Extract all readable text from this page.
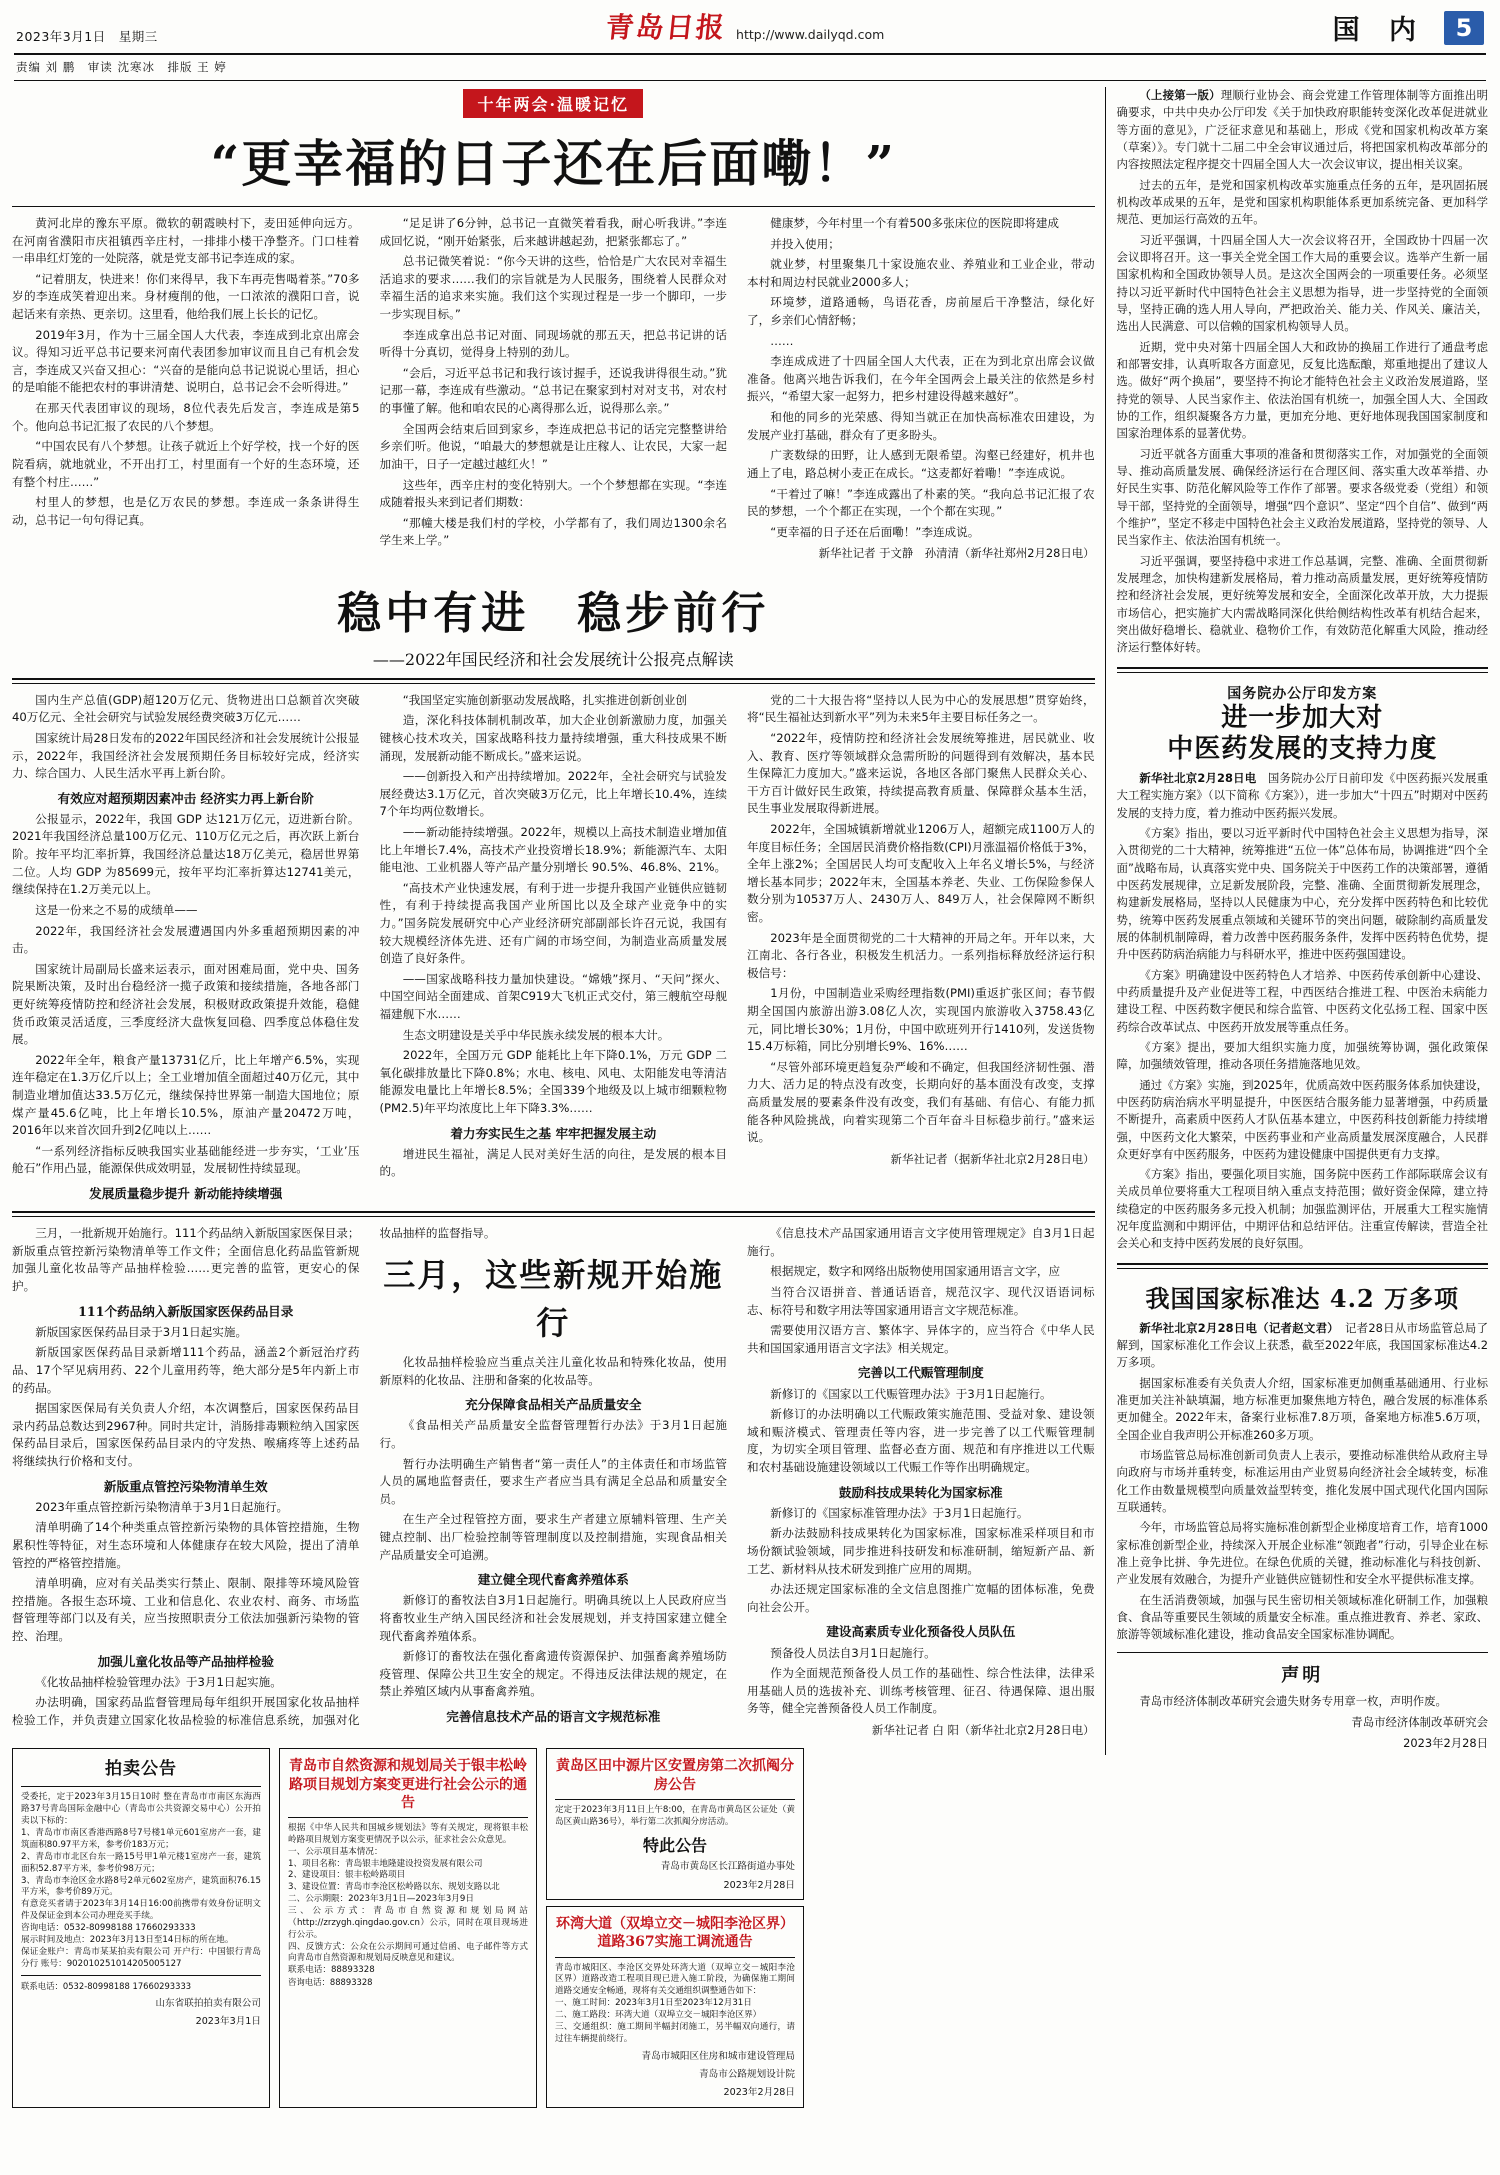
2023年3月1日　星期三	青岛日报 http://www.dailyqd.com	国 内	5
责编 刘 鹏　审读 沈寒冰　排版 王 婷
十年两会·温暖记忆
“更幸福的日子还在后面嘞！”

黄河北岸的豫东平原。微软的朝霞映村下，麦田延伸向远方。在河南省濮阳市庆祖镇西辛庄村，一排排小楼干净整齐。门口桂着一串串红灯笼的一处院落，就是党支部书记李连成的家。

“记着朋友，快进来！你们来得早，我下车再売售喝着茶。”70多岁的李连成笑着迎出来。身材瘦削的他，一口浓浓的濮阳口音，说起话来有亲热、更亲切。这里看，他给我们展上长长的记忆。

2019年3月，作为十三届全国人大代表，李连成到北京出席会议。得知习近平总书记要来河南代表团参加审议而且自己有机会发言，李连成又兴奋又担心：“兴奋的是能向总书记说说心里话，担心的是咱能不能把农村的事讲清楚、说明白，总书记会不会听得进。”

在那天代表团审议的现场，8位代表先后发言，李连成是第5个。他向总书记汇报了农民的八个梦想。

“中国农民有八个梦想。让孩子就近上个好学校，找一个好的医院看病，就地就业，不开出打工，村里面有一个好的生态环境，还有整个村庄……”

村里人的梦想，也是亿万农民的梦想。李连成一条条讲得生动，总书记一句句得记真。

“足足讲了6分钟，总书记一直微笑着看我，耐心听我讲。”李连成回忆说，“刚开始紧张，后来越讲越起劲，把紧张都忘了。”

总书记微笑着说：“你今天讲的这些，恰恰是广大农民对幸福生活追求的要求……我们的宗旨就是为人民服务，围绕着人民群众对幸福生活的追求来实施。我们这个实现过程是一步一个脚印，一步一步实现目标。”

李连成拿出总书记对面、同现场就的那五天，把总书记讲的话听得十分真切，觉得身上特别的劲儿。

“会后，习近平总书记和我行该讨握手，还说我讲得很生动。”犹记那一幕，李连成有些激动。“总书记在聚家到村对对支书，对农村的事懂了解。他和咱农民的心离得那么近，说得那么亲。”

全国两会结束后回到家乡，李连成把总书记的话完完整整讲给乡亲们听。他说，“咱最大的梦想就是让庄稼人、让农民，大家一起加油干，日子一定越过越红火！”

这些年，西辛庄村的变化特别大。一个个梦想都在实现。“李连成随着报头来到记者们期数：

“那幢大楼是我们村的学校，小学都有了，我们周边1300余名学生来上学。”

健康梦，今年村里一个有着500多张床位的医院即将建成

并投入使用；

就业梦，村里聚集几十家设施农业、养殖业和工业企业，带动本村和周边村民就业2000多人；

环境梦，道路通畅，鸟语花香，房前屋后干净整洁，绿化好了，乡亲们心情舒畅；

……

李连成成进了十四届全国人大代表，正在为到北京出席会议做准备。他离兴地告诉我们，在今年全国两会上最关注的依然是乡村振兴，“希望大家一起努力，把乡村建设得越来越好”。

和他的同乡的光荣感、得知当就正在加快高标准农田建设，为发展产业打基础，群众有了更多盼头。

广袤数绿的田野，让人感到无限希望。沟壑已经建好，机井也通上了电，路总树小麦正在成长。“这麦都好着嘞！”李连成说。

“干着过了嘛！”李连成露出了朴素的笑。“我向总书记汇报了农民的梦想，一个个都正在实现，一个个都在实现。”

“更幸福的日子还在后面嘞！”李连成说。

新华社记者 于文静　孙清清（新华社郑州2月28日电）
稳中有进　稳步前行
——2022年国民经济和社会发展统计公报亮点解读

国内生产总值(GDP)超120万亿元、货物进出口总额首次突破40万亿元、全社会研究与试验发展经费突破3万亿元……

国家统计局28日发布的2022年国民经济和社会发展统计公报显示，2022年，我国经济社会发展预期任务目标较好完成，经济实力、综合国力、人民生活水平再上新台阶。

有效应对超预期因素冲击 经济实力再上新台阶

公报显示，2022年，我国 GDP 达121万亿元，迈进新台阶。2021年我国经济总量100万亿元、110万亿元之后，再次跃上新台阶。按年平均汇率折算，我国经济总量达18万亿美元，稳居世界第二位。人均 GDP 为85699元，按年平均汇率折算达12741美元，继续保持在1.2万美元以上。

这是一份来之不易的成绩单——

2022年，我国经济社会发展遭遇国内外多重超预期因素的冲击。

国家统计局副局长盛来运表示，面对困难局面，党中央、国务院果断决策，及时出台稳经济一揽子政策和接续措施，各地各部门更好统筹疫情防控和经济社会发展，积极财政政策提升效能，稳健货币政策灵活适度，三季度经济大盘恢复回稳、四季度总体稳住发展。

2022年全年，粮食产量13731亿斤，比上年增产6.5%，实现连年稳定在1.3万亿斤以上；全工业增加值全面超过40万亿元，其中制造业增加值达33.5万亿元，继续保持世界第一制造大国地位；原煤产量45.6亿吨，比上年增长10.5%，原油产量20472万吨，2016年以来首次回升到2亿吨以上……

“一系列经济指标反映我国实业基础能经进一步夯实，‘工业’压舱石”作用凸显，能源保供成效明显，发展韧性持续显现。

发展质量稳步提升 新动能持续增强

“我国坚定实施创新驱动发展战略，扎实推进创新创业创

造，深化科技体制机制改革，加大企业创新激励力度，加强关键核心技术攻关，国家战略科技力量持续增强，重大科技成果不断涌现，发展新动能不断成长。”盛来运说。

——创新投入和产出持续增加。2022年，全社会研究与试验发展经费达3.1万亿元，首次突破3万亿元，比上年增长10.4%，连续7个年均两位数增长。

——新动能持续增强。2022年，规模以上高技术制造业增加值比上年增长7.4%，高技术产业投资增长18.9%；新能源汽车、太阳能电池、工业机器人等产品产量分别增长 90.5%、46.8%、21%。

“高技术产业快速发展，有利于进一步提升我国产业链供应链韧性，有利于持续提高我国产业所国比以及全球产业竞争中的实力。”国务院发展研究中心产业经济研究部副部长许召元说，我国有较大规模经济体先进、还有广阔的市场空间，为制造业高质量发展创造了良好条件。

——国家战略科技力量加快建设。“嫦娥”探月、“天问”探火、中国空间站全面建成、首架C919大飞机正式交付，第三艘航空母舰福建舰下水……

生态文明建设是关乎中华民族永续发展的根本大计。

2022年，全国万元 GDP 能耗比上年下降0.1%，万元 GDP 二氧化碳排放量比下降0.8%；水电、核电、风电、太阳能发电等清洁能源发电量比上年增长8.5%；全国339个地级及以上城市细颗粒物(PM2.5)年平均浓度比上年下降3.3%……

着力夯实民生之基 牢牢把握发展主动

增进民生福祉，满足人民对美好生活的向往，是发展的根本目的。

党的二十大报告将“坚持以人民为中心的发展思想”贯穿始终，将“民生福祉达到新水平”列为未来5年主要目标任务之一。

“2022年，疫情防控和经济社会发展统筹推进，居民就业、收入、教育、医疗等领域群众急需所盼的问题得到有效解决，基本民生保障汇力度加大。”盛来运说，各地区各部门聚焦人民群众关心、干方百计做好民生政策，持续提高教育质量、保障群众基本生活，民生事业发展取得新进展。

2022年，全国城镇新增就业1206万人，超额完成1100万人的年度目标任务；全国居民消费价格指数(CPI)月涨温福价格低于3%，全年上涨2%；全国居民人均可支配收入上年名义增长5%，与经济增长基本同步；2022年末，全国基本养老、失业、工伤保险参保人数分别为10537万人、2430万人、849万人，社会保障网不断织密。

2023年是全面贯彻党的二十大精神的开局之年。开年以来，大江南北、各行各业，积极发生机活力。一系列指标释放经济运行积极信号：

1月份，中国制造业采购经理指数(PMI)重返扩张区间；春节假期全国国内旅游出游3.08亿人次，实现国内旅游收入3758.43亿元，同比增长30%；1月份，中国中欧班列开行1410列，发送货物15.4万标箱，同比分别增长9%、16%……

“尽管外部环境更趋复杂严峻和不确定，但我国经济韧性强、潜力大、活力足的特点没有改变，长期向好的基本面没有改变，支撑高质量发展的要素条件没有改变，我们有基础、有信心、有能力抓能各种风险挑战，向着实现第二个百年奋斗目标稳步前行。”盛来运说。

新华社记者（据新华社北京2月28日电）

三月，一批新规开始施行。111个药品纳入新版国家医保目录；新版重点管控新污染物清单等工作文件；全面信息化药品监管新规加强儿童化妆品等产品抽样检验……更完善的监管，更安心的保护。

111个药品纳入新版国家医保药品目录

新版国家医保药品目录于3月1日起实施。

新版国家医保药品目录新增111个药品，涵盖2个新冠治疗药品、17个罕见病用药、22个儿童用药等，绝大部分是5年内新上市的药品。

据国家医保局有关负责人介绍，本次调整后，国家医保药品目录内药品总数达到2967种。同时共定计，消肠排毒颗粒纳入国家医保药品目录后，国家医保药品目录内的守发热、喉痛疼等上述药品将继续执行价格和支付。

新版重点管控污染物清单生效

2023年重点管控新污染物清单于3月1日起施行。

清单明确了14个种类重点管控新污染物的具体管控措施，生物累积性等特征，对生态环境和人体健康存在较大风险，提出了清单管控的严格管控措施。

清单明确，应对有关品类实行禁止、限制、限排等环境风险管控措施。各报生态环境、工业和信息化、农业农村、商务、市场监督管理等部门以及有关，应当按照职责分工依法加强新污染物的管控、治理。

加强儿童化妆品等产品抽样检验

《化妆品抽样检验管理办法》于3月1日起实施。

办法明确，国家药品监督管理局每年组织开展国家化妆品抽样检验工作，并负责建立国家化妆品检验的标准信息系统，加强对化妆品抽样的监督指导。

三月，这些新规开始施行

化妆品抽样检验应当重点关注儿童化妆品和特殊化妆品，使用新原料的化妆品、注册和备案的化妆品等。

充分保障食品相关产品质量安全

《食品相关产品质量安全监督管理暂行办法》于3月1日起施行。

暂行办法明确生产销售者“第一责任人”的主体责任和市场监管人员的属地监督责任，要求生产者应当具有满足全总品和质量安全员。

在生产全过程管控方面，要求生产者建立原辅料管理、生产关键点控制、出厂检验控制等管理制度以及控制措施，实现食品相关产品质量安全可追溯。

建立健全现代畜禽养殖体系

新修订的畜牧法自3月1日起施行。明确具统以上人民政府应当将畜牧业生产纳入国民经济和社会发展规划，并支持国家建立健全现代畜禽养殖体系。

新修订的畜牧法在强化畜禽遗传资源保护、加强畜禽养殖场防疫管理、保障公共卫生安全的规定。不得违反法律法规的规定，在禁止养殖区域内从事畜禽养殖。

完善信息技术产品的语言文字规范标准

《信息技术产品国家通用语言文字使用管理规定》自3月1日起施行。

根据规定，数字和网络出版物使用国家通用语言文字，应

当符合汉语拼音、普通话语音，规范汉字、现代汉语语词标志、标符号和数字用法等国家通用语言文字规范标准。

需要使用汉语方言、繁体字、异体字的，应当符合《中华人民共和国国家通用语言文字法》相关规定。

完善以工代赈管理制度

新修订的《国家以工代赈管理办法》于3月1日起施行。

新修订的办法明确以工代赈政策实施范围、受益对象、建设领域和赈济模式、管理责任等内容，进一步完善了以工代赈管理制度，为切实全项目管理、监督必查方面、规范和有序推进以工代赈和农村基础设施建设领域以工代赈工作等作出明确规定。

鼓励科技成果转化为国家标准

新修订的《国家标准管理办法》于3月1日起施行。

新办法鼓励科技成果转化为国家标准，国家标准采样项目和市场份额试验领域，同步推进科技研发和标准研制，缩短新产品、新工艺、新材料从技术研发到推广应用的周期。

办法还规定国家标准的全文信息图推广宽幅的团体标准，免费向社会公开。

建设高素质专业化预备役人员队伍

预备役人员法自3月1日起施行。

作为全面规范预备役人员工作的基础性、综合性法律，法律采用基础人员的选拔补充、训练考核管理、征召、待遇保障、退出服务等，健全完善预备役人员工作制度。

新华社记者 白 阳（新华社北京2月28日电）
拍卖公告
受委托，定于2023年3月15日10时 整在青岛市市南区东海西路37号青岛国际金融中心（青岛市公共资源交易中心）公开拍卖以下标的：
1、青岛市市南区香港西路8号7号楼1单元601室房产一套，建筑面积80.97平方米，参考价183万元；
2、青岛市市北区台东一路15号甲1单元楼1室房产一套，建筑面积52.87平方米，参考价98万元；
3、青岛市李沧区金水路8号2单元602室房产，建筑面积76.15平方米，参考价89万元。
有意竞买者请于2023年3月14日16:00前携带有效身份证明文件及保证金到本公司办理竞买手续。
咨询电话：0532-80998188 17660293333
展示时间及地点：2023年3月13日至14日标的所在地。
保证金账户：青岛市某某拍卖有限公司 开户行：中国银行青岛分行 账号：902010251014205005127
联系电话：0532-80998188 17660293333
山东省联拍拍卖有限公司
2023年3月1日
青岛市自然资源和规划局关于银丰松岭路项目规划方案变更进行社会公示的通告
根据《中华人民共和国城乡规划法》等有关规定，现将银丰松岭路项目规划方案变更情况予以公示，征求社会公众意见。
一、公示项目基本情况：
1、项目名称：青岛银丰地隆建设投资发展有限公司
2、建设项目：银丰松岭路项目
3、建设位置：青岛市李沧区松岭路以东、规划支路以北
二、公示期限：2023年3月1日—2023年3月9日
三、公示方式：青岛市自然资源和规划局网站（http://zrzygh.qingdao.gov.cn）公示，同时在项目现场进行公示。
四、反馈方式：公众在公示期间可通过信函、电子邮件等方式向青岛市自然资源和规划局反映意见和建议。
联系电话：88893328
咨询电话：88893328
黄岛区田中源片区安置房第二次抓阄分房公告
定定于2023年3月11日上午8:00，在青岛市黄岛区公证处（黄岛区黄山路36号），举行第二次抓阄分房活动。
特此公告
青岛市黄岛区长江路街道办事处
2023年2月28日
环湾大道（双埠立交－城阳李沧区界）道路367实施工调流通告
青岛市城阳区、李沧区交界处环湾大道（双埠立交－城阳李沧区界）道路改造工程项目现已进入施工阶段，为确保施工期间道路交通安全畅通，现将有关交通组织调整通告如下：
一、施工时间：2023年3月1日至2023年12月31日
二、施工路段：环湾大道（双埠立交－城阳李沧区界）
三、交通组织：施工期间半幅封闭施工，另半幅双向通行，请过往车辆提前绕行。
青岛市城阳区住房和城市建设管理局
青岛市公路规划设计院
2023年2月28日

（上接第一版）理顺行业协会、商会党建工作管理体制等方面推出明确要求，中共中央办公厅印发《关于加快政府职能转变深化改革促进就业等方面的意见》，广泛征求意见和基础上，形成《党和国家机构改革方案（草案）》。专门就十二届二中全会审议通过后，将把国家机构改革部分的内容按照法定程序提交十四届全国人大一次会议审议，提出相关议案。

过去的五年，是党和国家机构改革实施重点任务的五年，是巩固拓展机构改革成果的五年，是党和国家机构职能体系更加系统完备、更加科学规范、更加运行高效的五年。

习近平强调，十四届全国人大一次会议将召开，全国政协十四届一次会议即将召开。这一事关全党全国工作大局的重要会议。选举产生新一届国家机构和全国政协领导人员。是这次全国两会的一项重要任务。必须坚持以习近平新时代中国特色社会主义思想为指导，进一步坚持党的全面领导，坚持正确的选人用人导向，严把政治关、能力关、作风关、廉洁关，选出人民满意、可以信赖的国家机构领导人员。

近期，党中央对第十四届全国人大和政协的换届工作进行了通盘考虑和部署安排，认真听取各方面意见，反复比选酝酿，郑重地提出了建议人选。做好“两个换届”，要坚持不拘论才能特色社会主义政治发展道路，坚持党的领导、人民当家作主、依法治国有机统一，加强全国人大、全国政协的工作，组织凝聚各方力量，更加充分地、更好地体现我国国家制度和国家治理体系的显著优势。

习近平就各方面重大事项的准备和贯彻落实工作，对加强党的全面领导、推动高质量发展、确保经济运行在合理区间、落实重大改革举措、办好民生实事、防范化解风险等工作作了部署。要求各级党委（党组）和领导干部，坚持党的全面领导，增强“四个意识”、坚定“四个自信”、做到“两个维护”，坚定不移走中国特色社会主义政治发展道路，坚持党的领导、人民当家作主、依法治国有机统一。

习近平强调，要坚持稳中求进工作总基调，完整、准确、全面贯彻新发展理念，加快构建新发展格局，着力推动高质量发展，更好统筹疫情防控和经济社会发展，更好统筹发展和安全，全面深化改革开放，大力提振市场信心，把实施扩大内需战略同深化供给侧结构性改革有机结合起来，突出做好稳增长、稳就业、稳物价工作，有效防范化解重大风险，推动经济运行整体好转。

国务院办公厅印发方案
进一步加大对
中医药发展的支持力度

新华社北京2月28日电　 国务院办公厅日前印发《中医药振兴发展重大工程实施方案》（以下简称《方案》），进一步加大“十四五”时期对中医药发展的支持力度，着力推动中医药振兴发展。

《方案》指出，要以习近平新时代中国特色社会主义思想为指导，深入贯彻党的二十大精神，统筹推进“五位一体”总体布局，协调推进“四个全面”战略布局，认真落实党中央、国务院关于中医药工作的决策部署，遵循中医药发展规律，立足新发展阶段，完整、准确、全面贯彻新发展理念，构建新发展格局，坚持以人民健康为中心，充分发挥中医药特色和比较优势，统筹中医药发展重点领域和关键环节的突出问题，破除制约高质量发展的体制机制障碍，着力改善中医药服务条件，发挥中医药特色优势，提升中医药防病治病能力与科研水平，推进中医药强国建设。

《方案》明确建设中医药特色人才培养、中医药传承创新中心建设、中药质量提升及产业促进等工程，中西医结合推进工程、中医治未病能力建设工程、中医药数字便民和综合监管、中医药文化弘扬工程、国家中医药综合改革试点、中医药开放发展等重点任务。

《方案》提出，要加大组织实施力度，加强统筹协调，强化政策保障，加强绩效管理，推动各项任务措施落地见效。

通过《方案》实施，到2025年，优质高效中医药服务体系加快建设，中医药防病治病水平明显提升，中医医结合服务能力显著增强，中药质量不断提升，高素质中医药人才队伍基本建立，中医药科技创新能力持续增强，中医药文化大繁荣，中医药事业和产业高质量发展深度融合，人民群众更好享有中医药服务，中医药为建设健康中国提供更有力支撑。

《方案》指出，要强化项目实施，国务院中医药工作部际联席会议有关成员单位要将重大工程项目纳入重点支持范围；做好资金保障，建立持续稳定的中医药服务多元投入机制；加强监测评估，开展重大工程实施情况年度监测和中期评估，中期评估和总结评估。注重宣传解读，营造全社会关心和支持中医药发展的良好氛围。

我国国家标准达 4.2 万多项

新华社北京2月28日电（记者赵文君）　 记者28日从市场监管总局了解到，国家标准化工作会议上获悉，截至2022年底，我国国家标准达4.2万多项。

据国家标准委有关负责人介绍，国家标准更加侧重基础通用、行业标准更加关注补缺填漏，地方标准更加聚焦地方特色，融合发展的标准体系更加健全。2022年末，备案行业标准7.8万项，备案地方标准5.6万项，全国企业自我声明公开标准260多万项。

市场监管总局标准创新司负责人上表示，要推动标准供给从政府主导向政府与市场并重转变，标准运用由产业贸易向经济社会全域转变，标准化工作由数量规模型向质量效益型转变，推化发展中国式现代化国内国际互联通转。

今年，市场监管总局将实施标准创新型企业梯度培育工作，培育1000家标准创新型企业，持续深入开展企业标准“领跑者”行动，引导企业在标准上竞争比拼、争先进位。在绿色优质的关键，推动标准化与科技创新、产业发展有效融合，为提升产业链供应链韧性和安全水平提供标准支撑。

在生活消费领域，加强与民生密切相关领域标准化研制工作，加强粮食、食品等重要民生领域的质量安全标准。重点推进教育、养老、家政、旅游等领域标准化建设，推动食品安全国家标准协调配。

声明

青岛市经济体制改革研究会遗失财务专用章一枚，声明作废。

青岛市经济体制改革研究会
2023年2月28日
